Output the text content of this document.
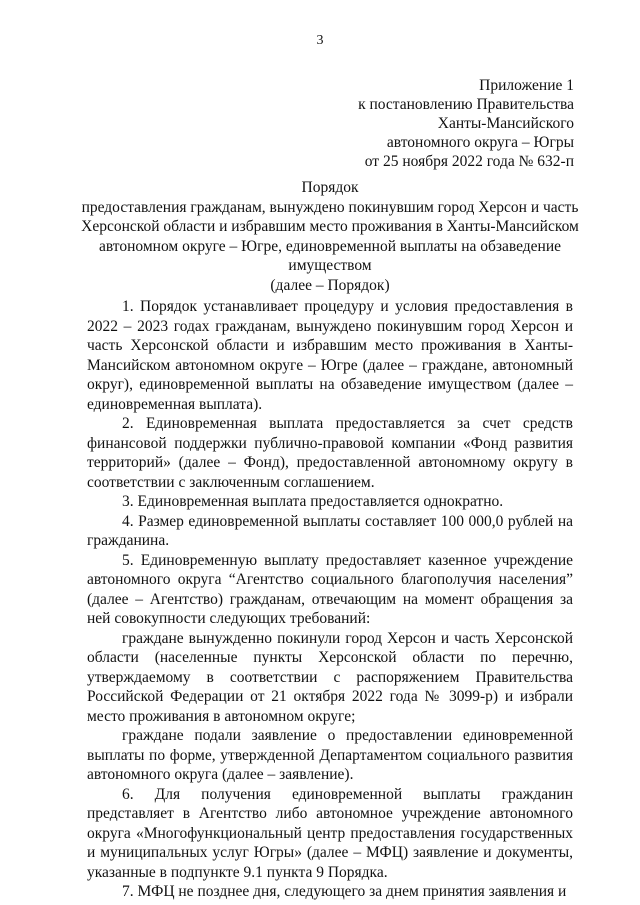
3
Приложение 1
к постановлению Правительства
Ханты-Мансийского
автономного округа – Югры
от 25 ноября 2022 года № 632-п
Порядок
предоставления гражданам, вынуждено покинувшим город Херсон и часть
Херсонской области и избравшим место проживания в Ханты-Мансийском
автономном округе – Югре, единовременной выплаты на обзаведение
имуществом
(далее – Порядок)

1. Порядок устанавливает процедуру и условия предоставления в 2022 – 2023 годах гражданам, вынуждено покинувшим город Херсон и часть Херсонской области и избравшим место проживания в Ханты-Мансийском автономном округе – Югре (далее – граждане, автономный округ), единовременной выплаты на обзаведение имуществом (далее – единовременная выплата).

2. Единовременная выплата предоставляется за счет средств финансовой поддержки публично-правовой компании «Фонд развития территорий» (далее – Фонд), предоставленной автономному округу в соответствии с заключенным соглашением.

3. Единовременная выплата предоставляется однократно.

4. Размер единовременной выплаты составляет 100 000,0 рублей на гражданина.

5. Единовременную выплату предоставляет казенное учреждение автономного округа “Агентство социального благополучия населения” (далее – Агентство) гражданам, отвечающим на момент обращения за ней совокупности следующих требований:

граждане вынужденно покинули город Херсон и часть Херсонской области (населенные пункты Херсонской области по перечню, утверждаемому в соответствии с распоряжением Правительства Российской Федерации от 21 октября 2022 года № 3099-р) и избрали место проживания в автономном округе;

граждане подали заявление о предоставлении единовременной выплаты по форме, утвержденной Департаментом социального развития автономного округа (далее – заявление).

6. Для получения единовременной выплаты гражданин представляет в Агентство либо автономное учреждение автономного округа «Многофункциональный центр предоставления государственных и муниципальных услуг Югры» (далее – МФЦ) заявление и документы, указанные в подпункте 9.1 пункта 9 Порядка.

7. МФЦ не позднее дня, следующего за днем принятия заявления и
